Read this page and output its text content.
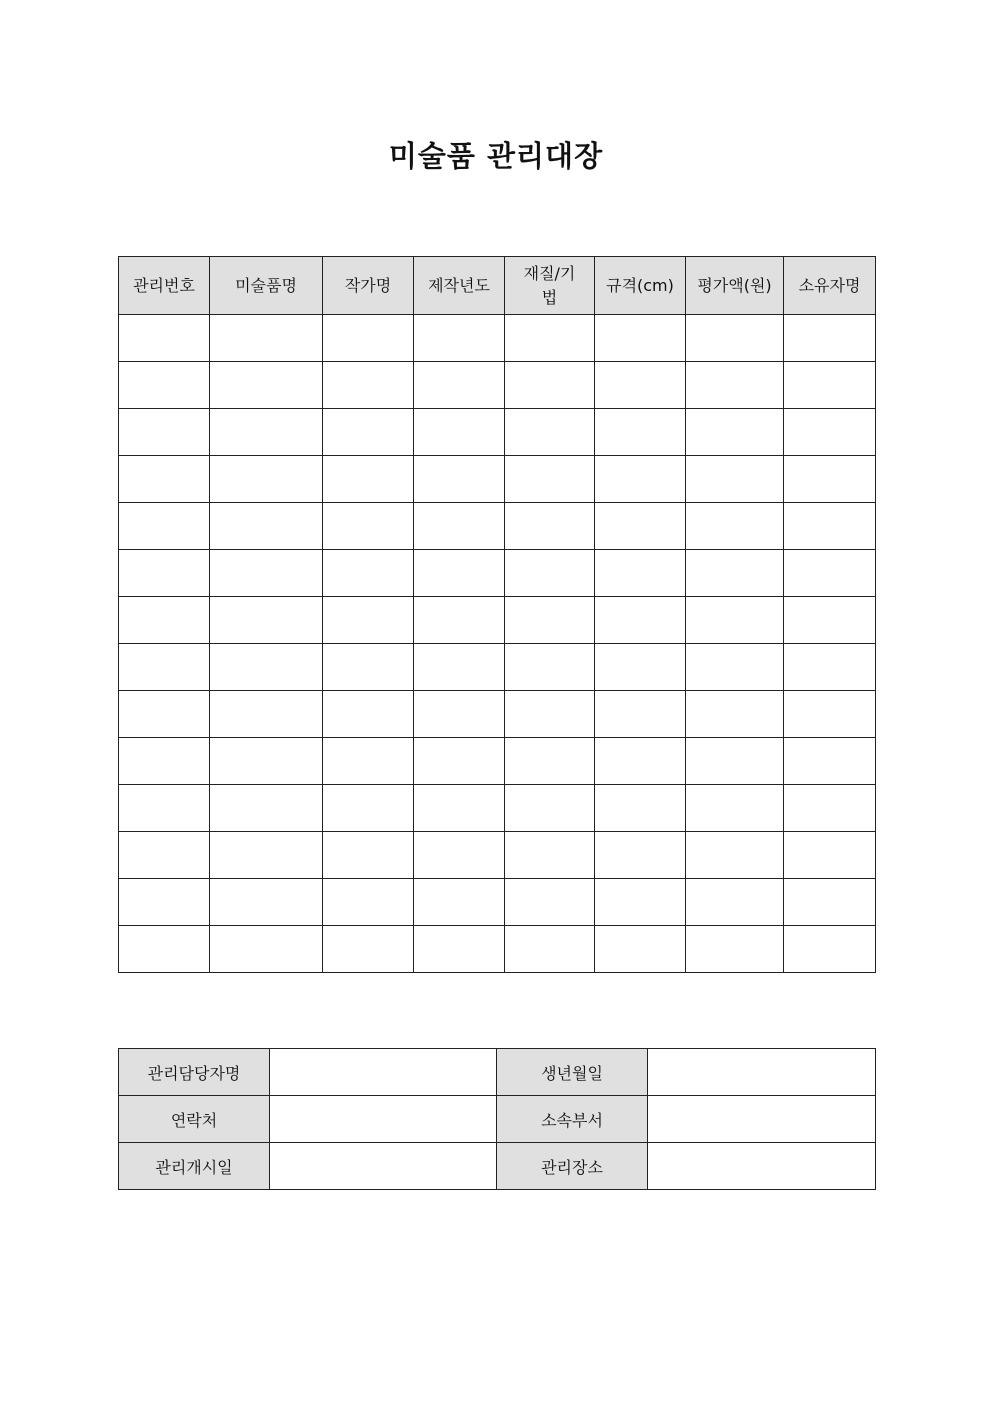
미술품 관리대장
관리번호	미술품명	작가명	제작년도	재질/기법	규격(cm)	평가액(원)	소유자명

관리담당자명		생년월일	
연락처		소속부서	
관리개시일		관리장소	
